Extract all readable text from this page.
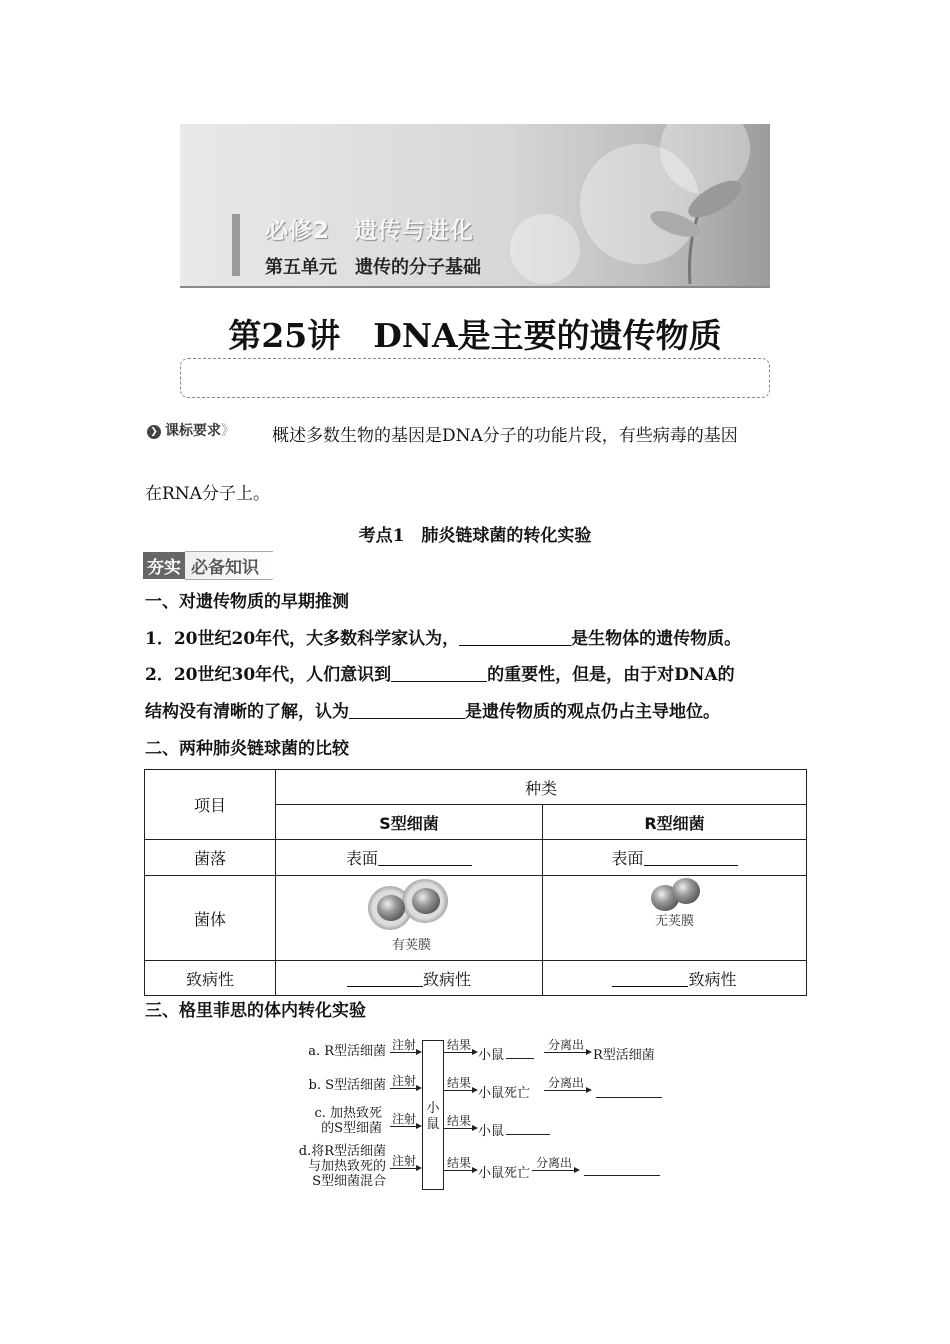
必修2　遗传与进化
第五单元　遗传的分子基础
第25讲　DNA是主要的遗传物质
❯ 课标要求》 概述多数生物的基因是DNA分子的功能片段，有些病毒的基因

在RNA分子上。

考点1　肺炎链球菌的转化实验
夯实 必备知识

一、对遗传物质的早期推测

1．20世纪20年代，大多数科学家认为，	是生物体的遗传物质。

2．20世纪30年代，人们意识到	的重要性，但是，由于对DNA的

结构没有清晰的了解，认为	是遗传物质的观点仍占主导地位。

二、两种肺炎链球菌的比较

项目	种类	
	S型细菌	R型细菌
菌落	表面	表面
菌体	有荚膜	无荚膜

致病性	致病性	致病性

三、格里菲思的体内转化实验

a. R型活细菌
b. S型活细菌
c. 加热致死
的S型细菌
d.将R型活细菌
与加热致死的
S型细菌混合
注射
注射
注射
注射
小鼠
结果
小鼠
分离出
R型活细菌
结果
小鼠死亡
分离出
结果
小鼠
结果
小鼠死亡
分离出
